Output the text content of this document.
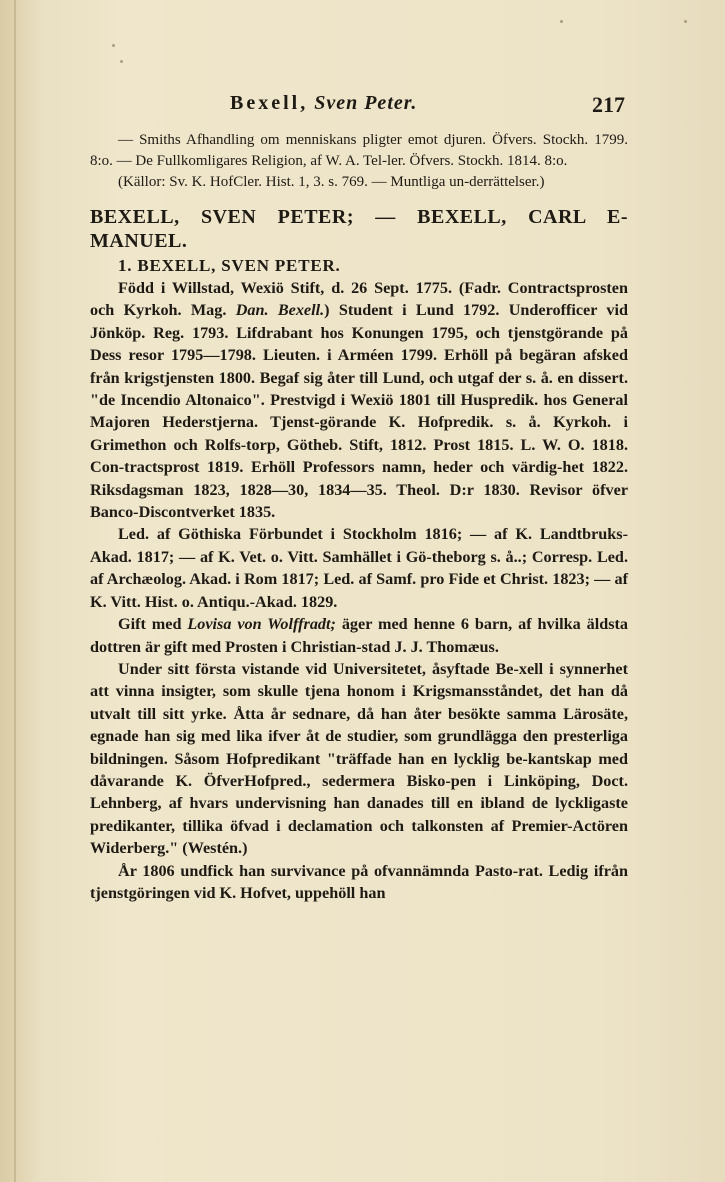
Bexell, Sven Peter.	217

— Smiths Afhandling om menniskans pligter emot djuren. Öfvers. Stockh. 1799. 8:o. — De Fullkomligares Religion, af W. A. Tel-ler. Öfvers. Stockh. 1814. 8:o.

(Källor: Sv. K. HofCler. Hist. 1, 3. s. 769. — Muntliga un-derrättelser.)

BEXELL, SVEN PETER; — BEXELL, CARL E-MANUEL.

1. BEXELL, SVEN PETER.

Född i Willstad, Wexiö Stift, d. 26 Sept. 1775. (Fadr. Contractsprosten och Kyrkoh. Mag. Dan. Bexell.) Student i Lund 1792. Underofficer vid Jönköp. Reg. 1793. Lifdrabant hos Konungen 1795, och tjenstgörande på Dess resor 1795—1798. Lieuten. i Arméen 1799. Erhöll på begäran afsked från krigstjensten 1800. Begaf sig åter till Lund, och utgaf der s. å. en dissert. "de Incendio Altonaico". Prestvigd i Wexiö 1801 till Huspredik. hos General Majoren Hederstjerna. Tjenst-görande K. Hofpredik. s. å. Kyrkoh. i Grimethon och Rolfs-torp, Götheb. Stift, 1812. Prost 1815. L. W. O. 1818. Con-tractsprost 1819. Erhöll Professors namn, heder och värdig-het 1822. Riksdagsman 1823, 1828—30, 1834—35. Theol. D:r 1830. Revisor öfver Banco-Discontverket 1835.

Led. af Göthiska Förbundet i Stockholm 1816; — af K. Landtbruks-Akad. 1817; — af K. Vet. o. Vitt. Samhället i Gö-theborg s. å..; Corresp. Led. af Archæolog. Akad. i Rom 1817; Led. af Samf. pro Fide et Christ. 1823; — af K. Vitt. Hist. o. Antiqu.-Akad. 1829.

Gift med Lovisa von Wolffradt; äger med henne 6 barn, af hvilka äldsta dottren är gift med Prosten i Christian-stad J. J. Thomæus.

Under sitt första vistande vid Universitetet, åsyftade Be-xell i synnerhet att vinna insigter, som skulle tjena honom i Krigsmansståndet, det han då utvalt till sitt yrke. Åtta år sednare, då han åter besökte samma Lärosäte, egnade han sig med lika ifver åt de studier, som grundlägga den presterliga bildningen. Såsom Hofpredikant "träffade han en lycklig be-kantskap med dåvarande K. ÖfverHofpred., sedermera Bisko-pen i Linköping, Doct. Lehnberg, af hvars undervisning han danades till en ibland de lyckligaste predikanter, tillika öfvad i declamation och talkonsten af Premier-Actören Widerberg." (Westén.)

År 1806 undfick han survivance på ofvannämnda Pasto-rat. Ledig ifrån tjenstgöringen vid K. Hofvet, uppehöll han
